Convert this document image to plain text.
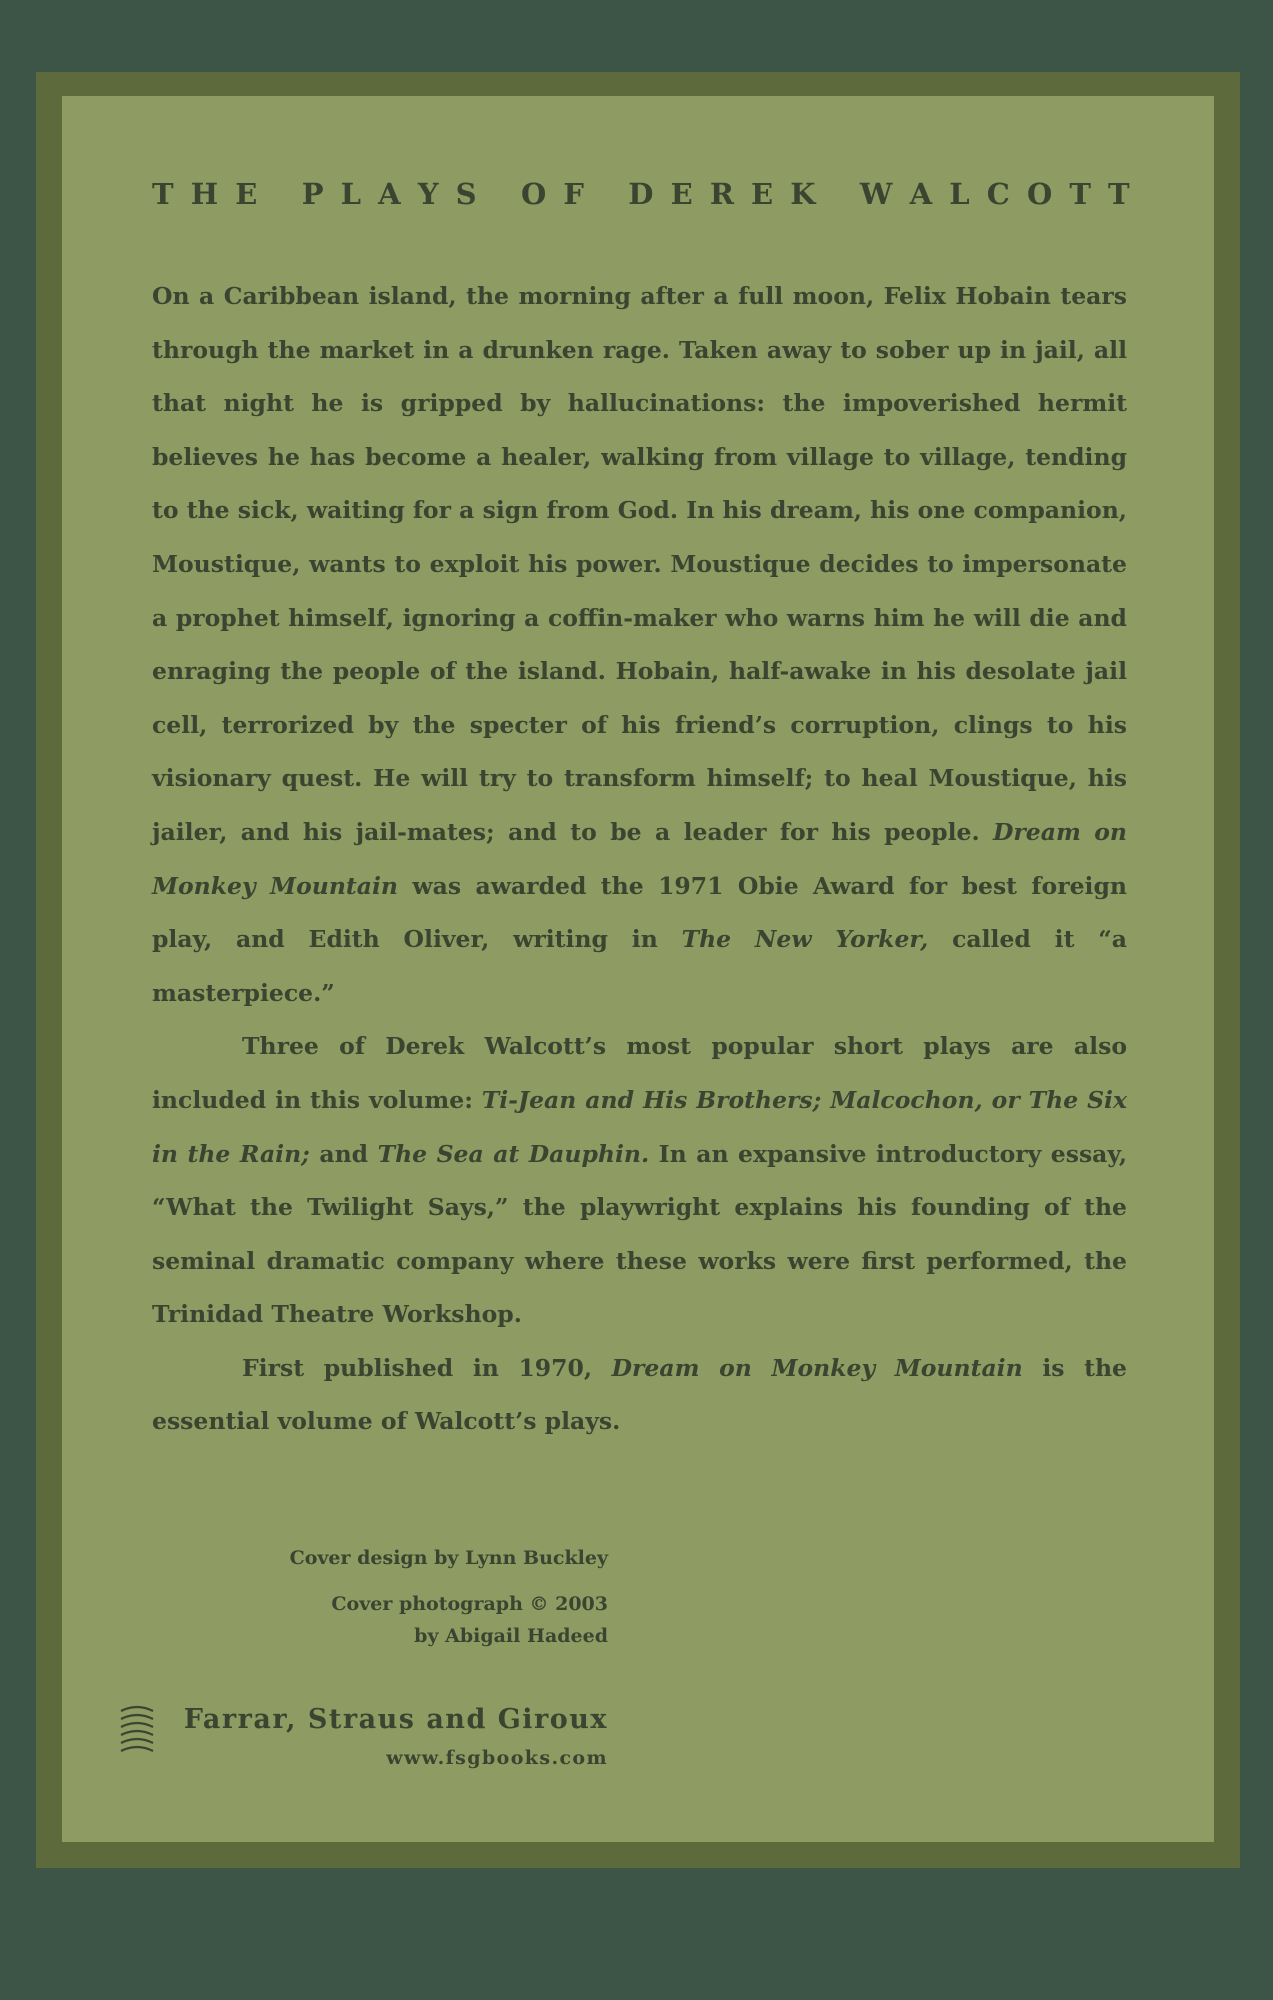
T H E
P L A Y S
O F
D E R E K
W A L C O T T

On a Caribbean island, the morning after a full moon, Felix Hobain tears through the market in a drunken rage. Taken away to sober up in jail, all that night he is gripped by hallucinations: the impoverished hermit believes he has become a healer, walking from village to village, tending to the sick, waiting for a sign from God. In his dream, his one companion, Moustique, wants to exploit his power. Moustique decides to impersonate a prophet himself, ignoring a coffin-maker who warns him he will die and enraging the people of the island. Hobain, half-awake in his desolate jail cell, terrorized by the specter of his friend’s corruption, clings to his visionary quest. He will try to transform himself; to heal Moustique, his jailer, and his jail-mates; and to be a leader for his people. Dream on Monkey Mountain was awarded the 1971 Obie Award for best foreign play, and Edith Oliver, writing in The New Yorker, called it “a masterpiece.”

Three of Derek Walcott’s most popular short plays are also included in this volume: Ti-Jean and His Brothers; Malcochon, or The Six in the Rain; and The Sea at Dauphin. In an expansive introductory essay, “What the Twilight Says,” the playwright explains his founding of the seminal dramatic company where these works were first performed, the Trinidad Theatre Workshop.

First published in 1970, Dream on Monkey Mountain is the essential volume of Walcott’s plays.

Cover design by Lynn Buckley
Cover photograph © 2003
by Abigail Hadeed
Farrar, Straus and Giroux
www.fsgbooks.com
